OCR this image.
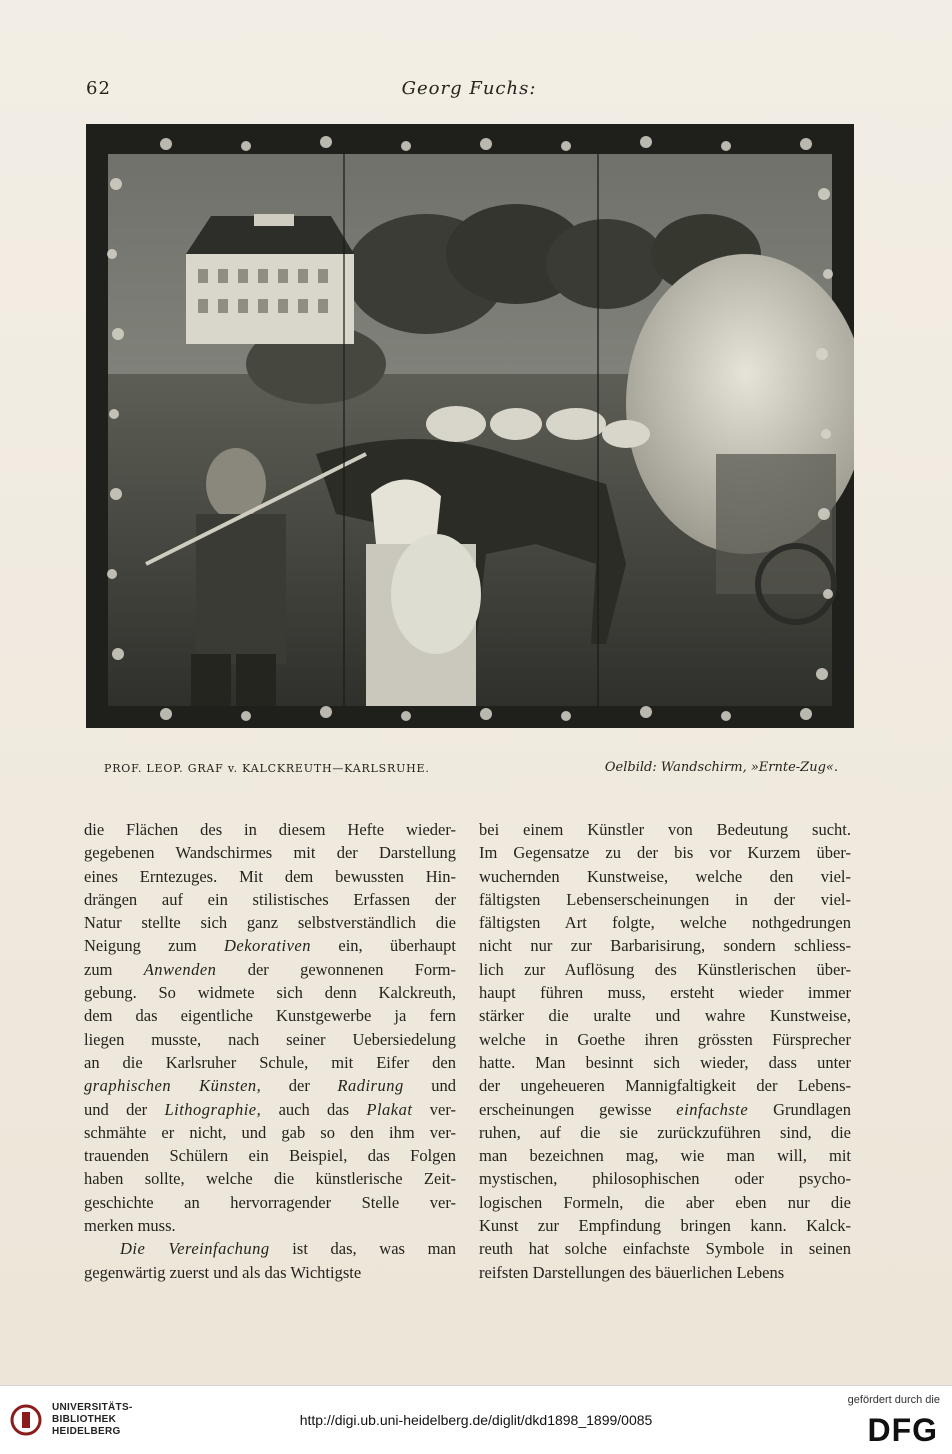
62	Georg Fuchs:
PROF. LEOP. GRAF v. KALCKREUTH—KARLSRUHE.	Oelbild: Wandschirm, »Ernte-Zug«.
die Flächen des in diesem Hefte wieder-
gegebenen Wandschirmes mit der Darstellung
eines Erntezuges. Mit dem bewussten Hin-
drängen auf ein stilistisches Erfassen der
Natur stellte sich ganz selbstverständlich die
Neigung zum Dekorativen ein, überhaupt
zum Anwenden der gewonnenen Form-
gebung. So widmete sich denn Kalckreuth,
dem das eigentliche Kunstgewerbe ja fern
liegen musste, nach seiner Uebersiedelung
an die Karlsruher Schule, mit Eifer den
graphischen Künsten, der Radirung und
und der Lithographie, auch das Plakat ver-
schmähte er nicht, und gab so den ihm ver-
trauenden Schülern ein Beispiel, das Folgen
haben sollte, welche die künstlerische Zeit-
geschichte an hervorragender Stelle ver-
merken muss.
Die Vereinfachung ist das, was man
gegenwärtig zuerst und als das Wichtigste
bei einem Künstler von Bedeutung sucht.
Im Gegensatze zu der bis vor Kurzem über-
wuchernden Kunstweise, welche den viel-
fältigsten Lebenserscheinungen in der viel-
fältigsten Art folgte, welche nothgedrungen
nicht nur zur Barbarisirung, sondern schliess-
lich zur Auflösung des Künstlerischen über-
haupt führen muss, ersteht wieder immer
stärker die uralte und wahre Kunstweise,
welche in Goethe ihren grössten Fürsprecher
hatte. Man besinnt sich wieder, dass unter
der ungeheueren Mannigfaltigkeit der Lebens-
erscheinungen gewisse einfachste Grundlagen
ruhen, auf die sie zurückzuführen sind, die
man bezeichnen mag, wie man will, mit
mystischen, philosophischen oder psycho-
logischen Formeln, die aber eben nur die
Kunst zur Empfindung bringen kann. Kalck-
reuth hat solche einfachste Symbole in seinen
reifsten Darstellungen des bäuerlichen Lebens
UNIVERSITÄTS-
BIBLIOTHEK
HEIDELBERG
http://digi.ub.uni-heidelberg.de/diglit/dkd1898_1899/0085
gefördert durch die
DFG
